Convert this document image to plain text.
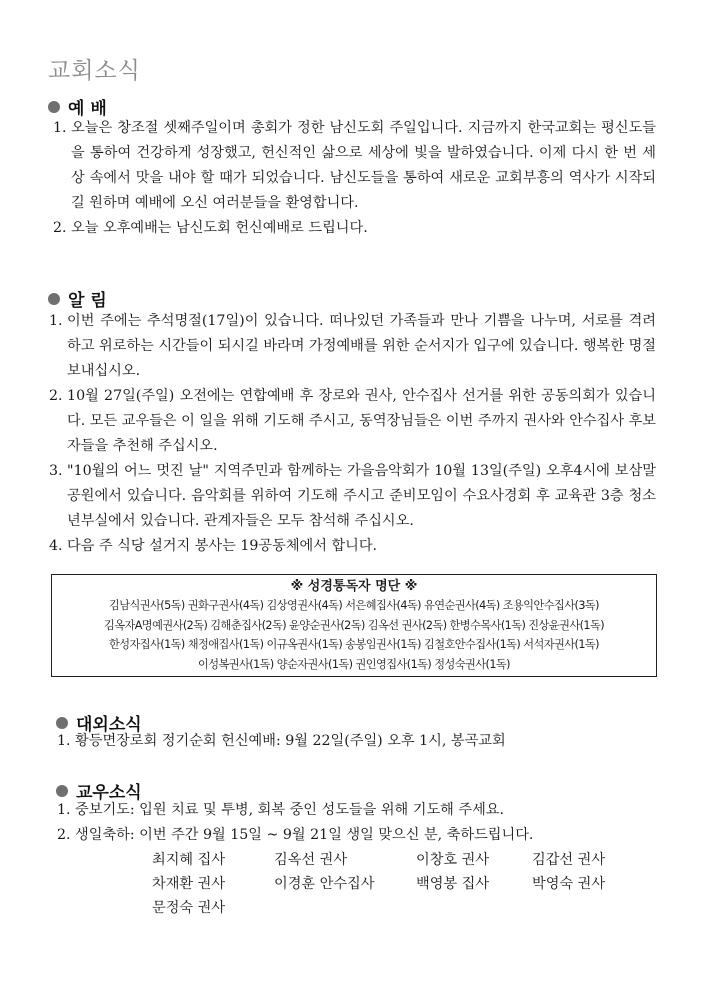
교회소식
예 배
1. 오늘은 창조절 셋째주일이며 총회가 정한 남신도회 주일입니다. 지금까지 한국교회는 평신도들을 통하여 건강하게 성장했고, 헌신적인 삶으로 세상에 빛을 발하였습니다. 이제 다시 한 번 세상 속에서 맛을 내야 할 때가 되었습니다. 남신도들을 통하여 새로운 교회부흥의 역사가 시작되길 원하며 예배에 오신 여러분들을 환영합니다.
2. 오늘 오후예배는 남신도회 헌신예배로 드립니다.
알 림
1. 이번 주에는 추석명절(17일)이 있습니다. 떠나있던 가족들과 만나 기쁨을 나누며, 서로를 격려하고 위로하는 시간들이 되시길 바라며 가정예배를 위한 순서지가 입구에 있습니다. 행복한 명절 보내십시오.
2. 10월 27일(주일) 오전에는 연합예배 후 장로와 권사, 안수집사 선거를 위한 공동의회가 있습니다. 모든 교우들은 이 일을 위해 기도해 주시고, 동역장님들은 이번 주까지 권사와 안수집사 후보자들을 추천해 주십시오.
3. "10월의 어느 멋진 날" 지역주민과 함께하는 가을음악회가 10월 13일(주일) 오후4시에 보삼말공원에서 있습니다. 음악회를 위하여 기도해 주시고 준비모임이 수요사경회 후 교육관 3층 청소년부실에서 있습니다. 관계자들은 모두 참석해 주십시오.
4. 다음 주 식당 설거지 봉사는 19공동체에서 합니다.
※ 성경통독자 명단 ※
김남식권사(5독) 권화구권사(4독) 김상영권사(4독) 서은혜집사(4독) 유연순권사(4독) 조용익안수집사(3독)
김옥자A명예권사(2독) 김해춘집사(2독) 윤양순권사(2독) 김옥선 권사(2독) 한병수목사(1독) 진상윤권사(1독)
한성자집사(1독) 채정애집사(1독) 이규옥권사(1독) 송봉임권사(1독) 김철호안수집사(1독) 서석자권사(1독)
이성복권사(1독) 양순자권사(1독) 권인영집사(1독) 정성숙권사(1독)
대외소식
1. 황등면장로회 정기순회 헌신예배: 9월 22일(주일) 오후 1시, 봉곡교회
교우소식
1. 중보기도: 입원 치료 및 투병, 회복 중인 성도들을 위해 기도해 주세요.
2. 생일축하: 이번 주간 9월 15일 ~ 9월 21일 생일 맞으신 분, 축하드립니다.
최지혜 집사	김옥선 권사	이창호 권사	김갑선 권사
차재환 권사	이경훈 안수집사	백영봉 집사	박영숙 권사
문정숙 권사
